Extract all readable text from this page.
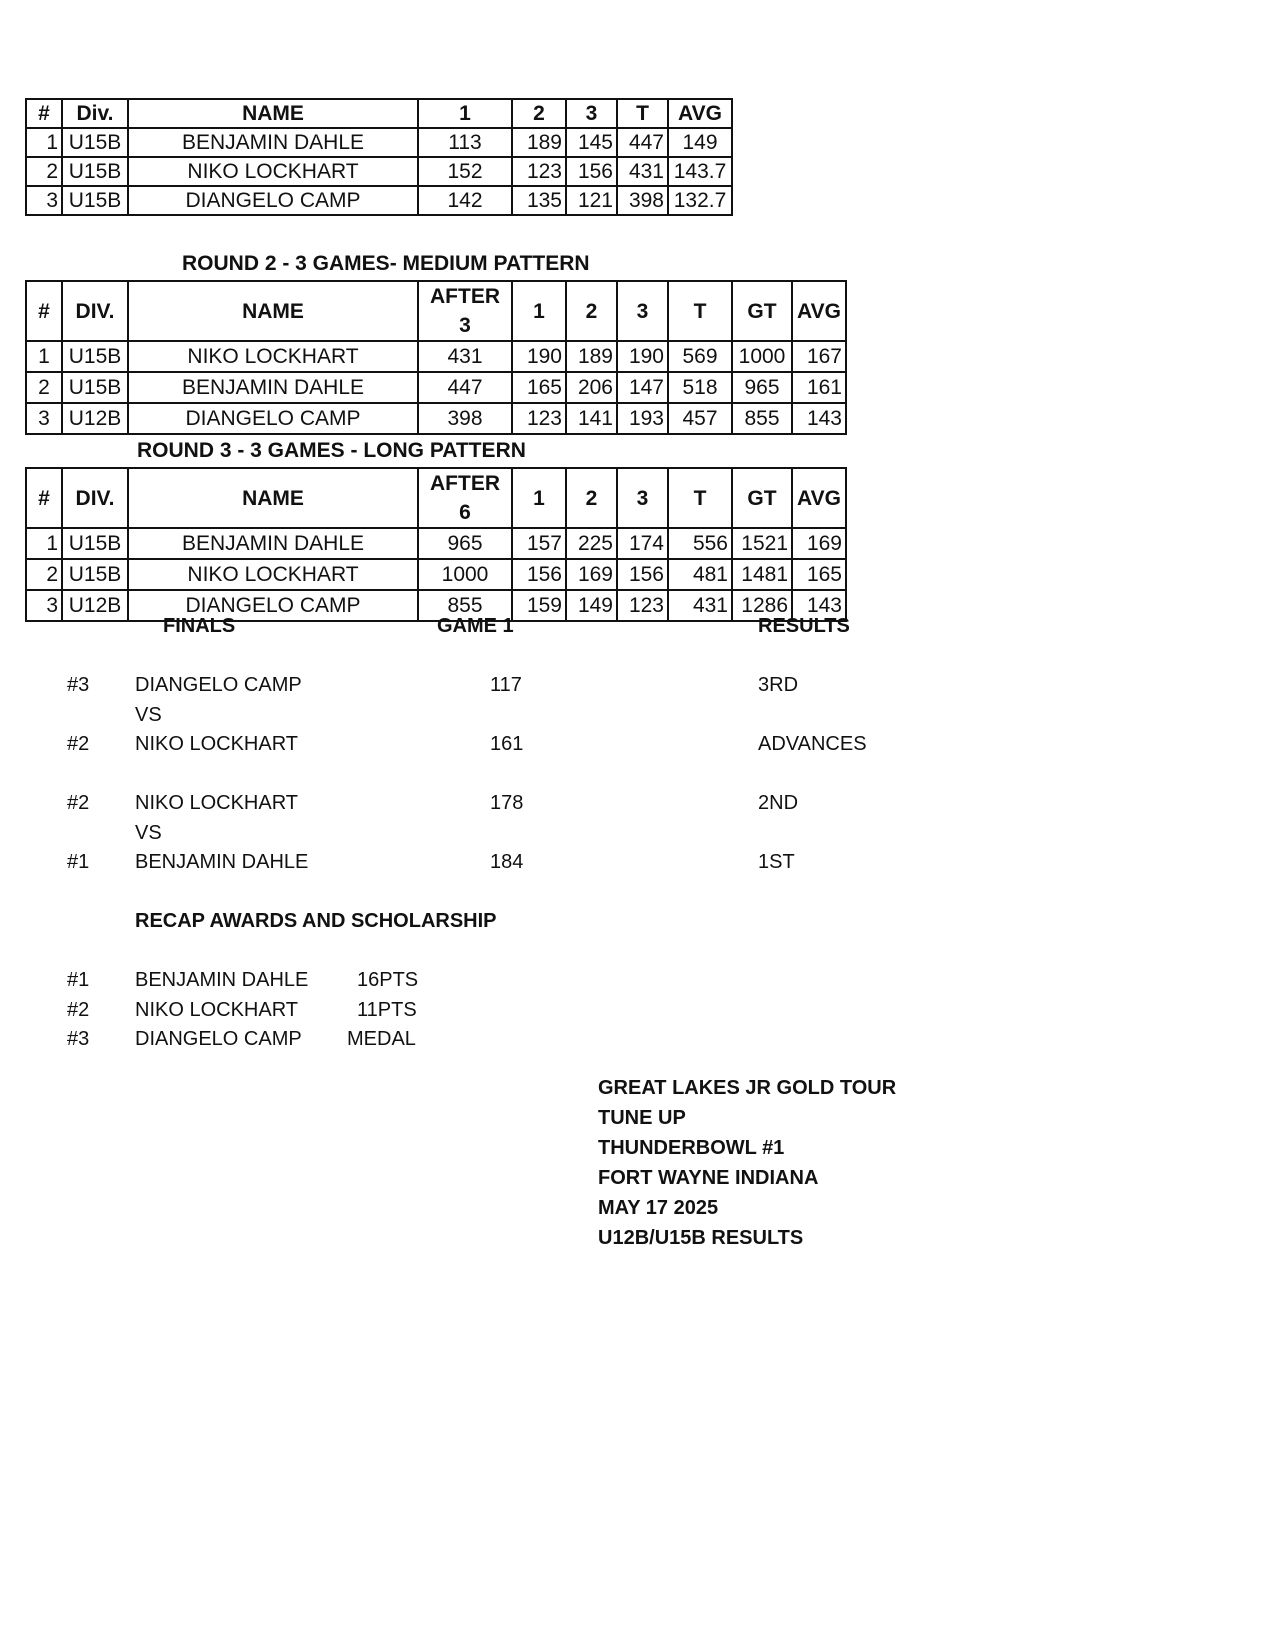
#	Div.	NAME	1	2	3	T	AVG
1	U15B	BENJAMIN DAHLE	113	189	145	447	149
2	U15B	NIKO LOCKHART	152	123	156	431	143.7
3	U15B	DIANGELO CAMP	142	135	121	398	132.7
ROUND 2 - 3 GAMES- MEDIUM PATTERN
#	DIV.	NAME	AFTER 3	1	2	3	T	GT	AVG
1	U15B	NIKO LOCKHART	431	190	189	190	569	1000	167
2	U15B	BENJAMIN DAHLE	447	165	206	147	518	965	161
3	U12B	DIANGELO CAMP	398	123	141	193	457	855	143
ROUND 3 - 3 GAMES - LONG PATTERN
#	DIV.	NAME	AFTER 6	1	2	3	T	GT	AVG
1	U15B	BENJAMIN DAHLE	965	157	225	174	556	1521	169
2	U15B	NIKO LOCKHART	1000	156	169	156	481	1481	165
3	U12B	DIANGELO CAMP	855	159	149	123	431	1286	143
FINALS	GAME 1	RESULTS
#3 DIANGELO CAMP	117	3RD
VS
#2 NIKO LOCKHART	161	ADVANCES
#2 NIKO LOCKHART	178	2ND
VS
#1 BENJAMIN DAHLE	184	1ST
RECAP AWARDS AND SCHOLARSHIP
#1 BENJAMIN DAHLE 16PTS
#2 NIKO LOCKHART	11PTS
#3 DIANGELO CAMP MEDAL
GREAT LAKES JR GOLD TOUR
TUNE UP
THUNDERBOWL #1
FORT WAYNE INDIANA
MAY 17 2025
U12B/U15B RESULTS
